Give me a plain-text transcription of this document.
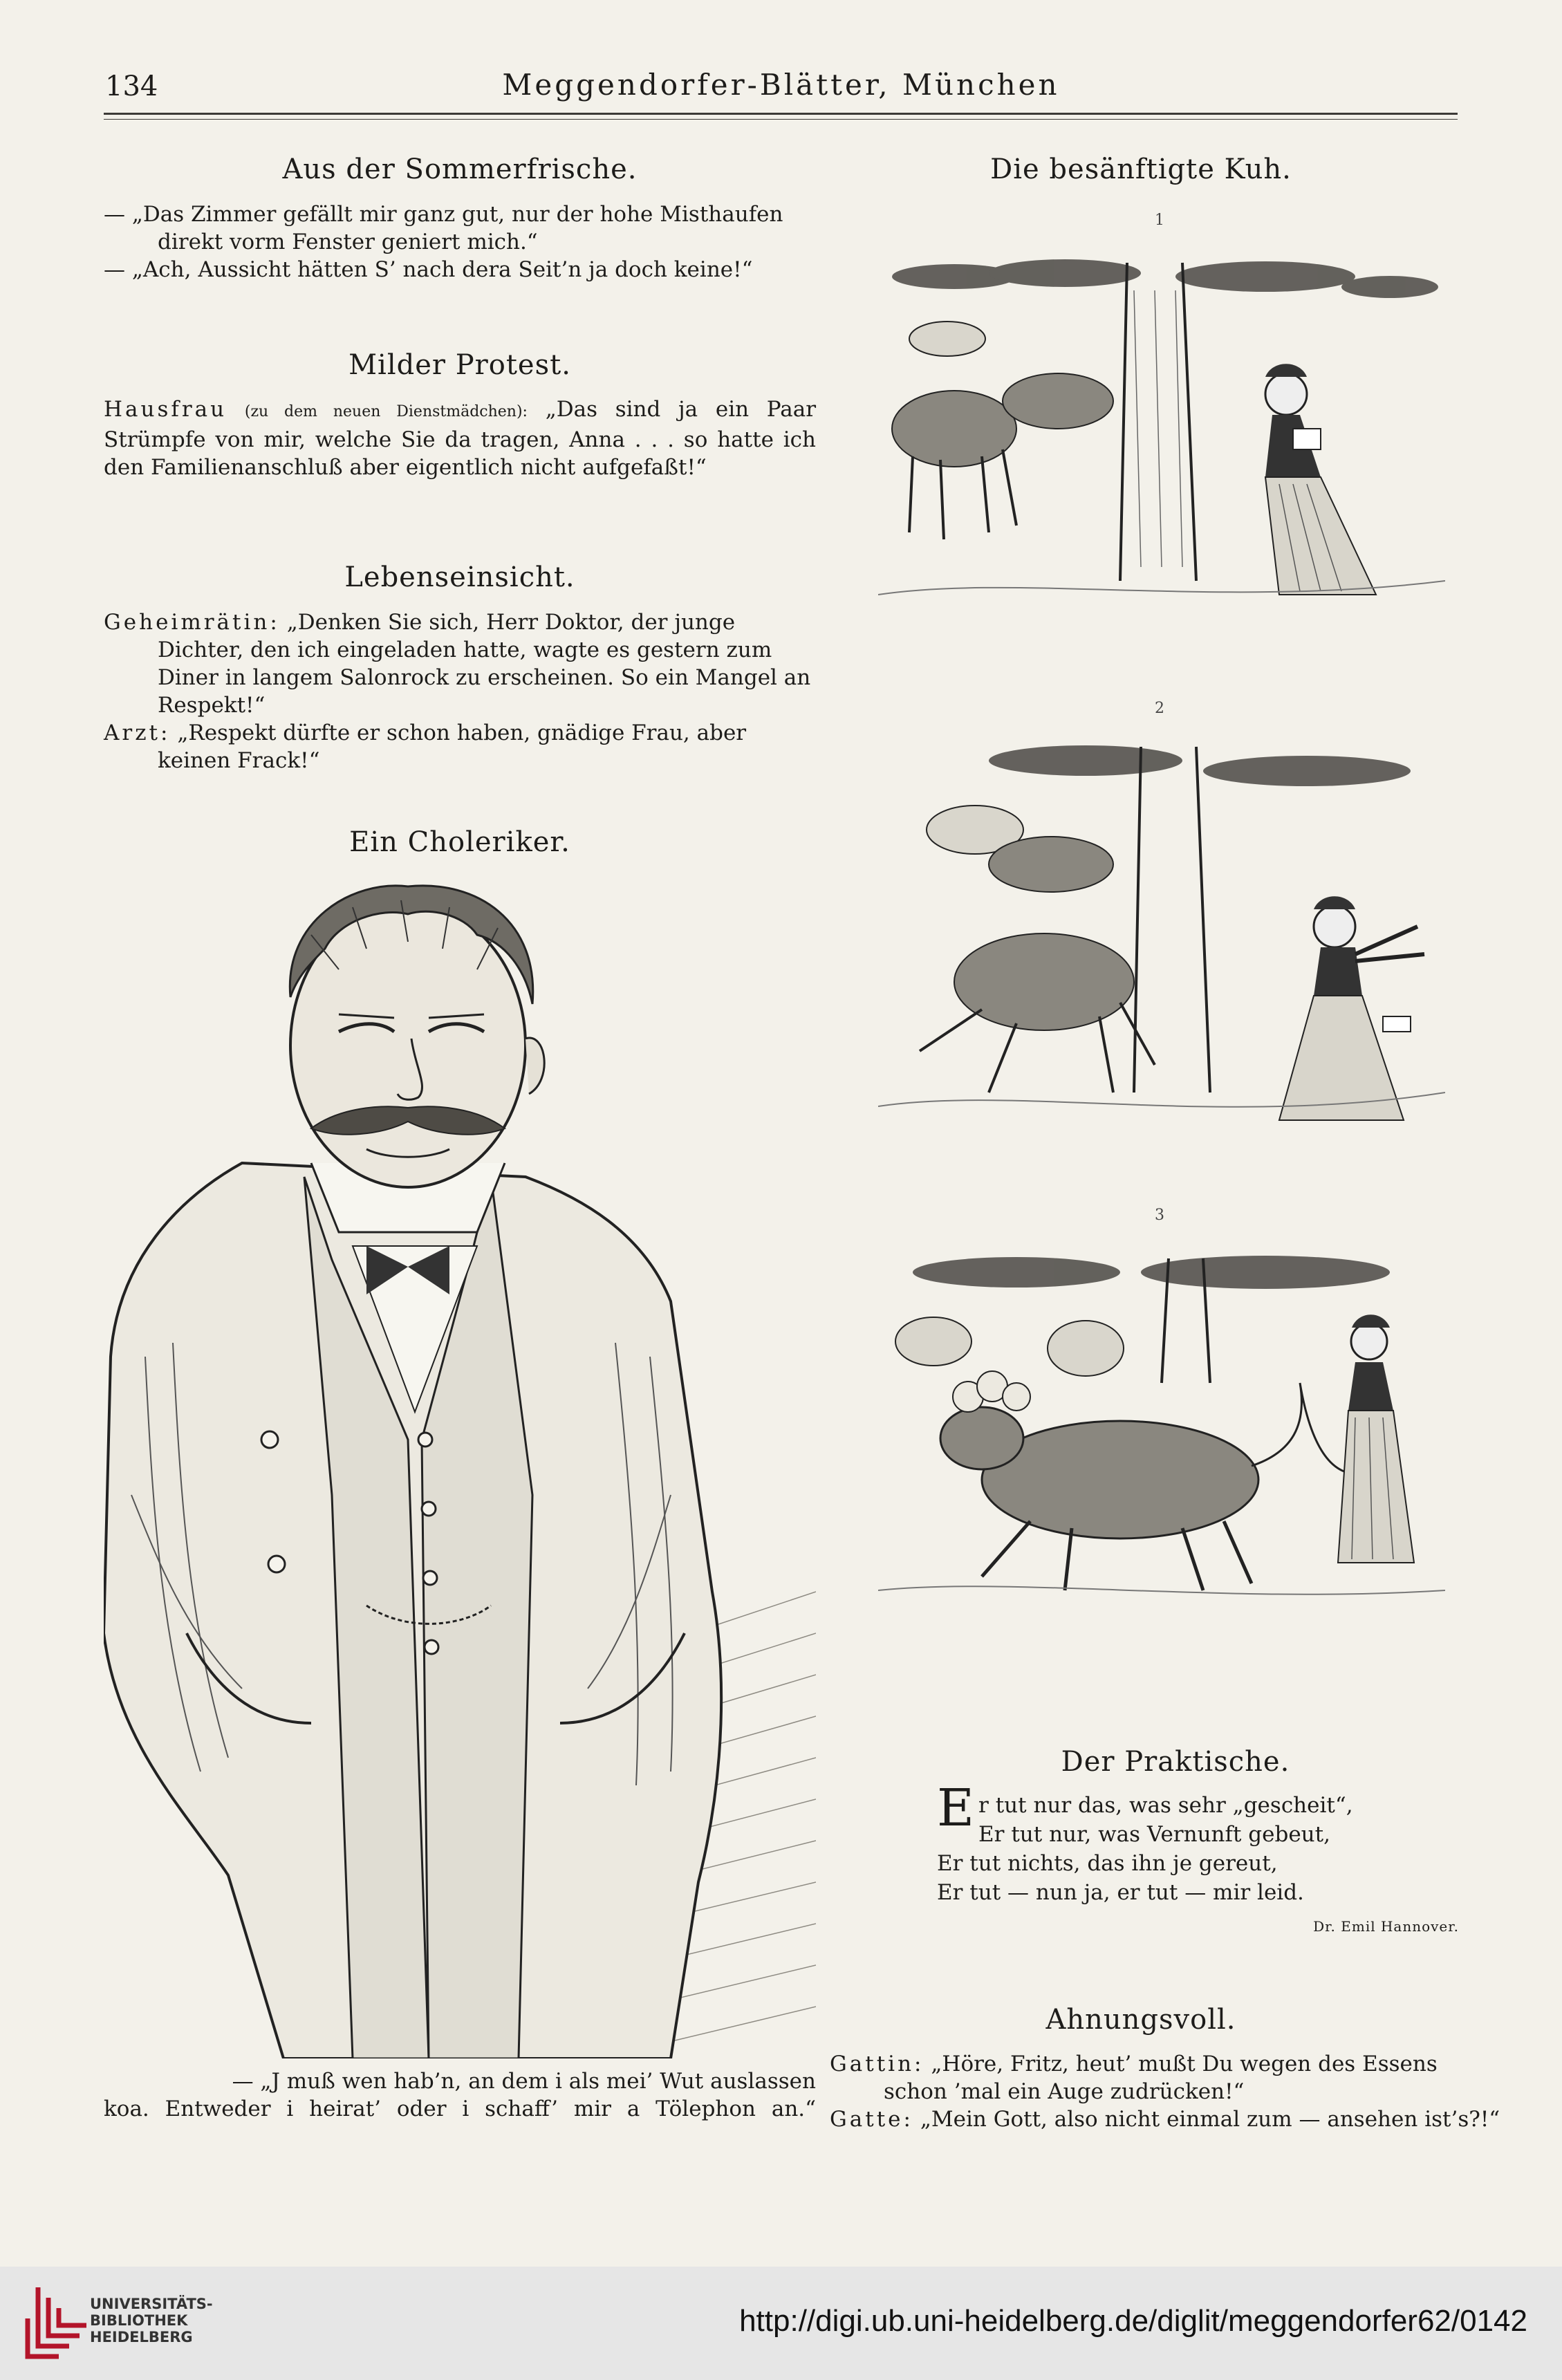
134	Meggendorfer-Blätter, München
Aus der Sommerfrische.

— „Das Zimmer gefällt mir ganz gut, nur der hohe Misthaufen direkt vorm Fenster geniert mich.“

— „Ach, Aussicht hätten S’ nach dera Seit’n ja doch keine!“

Milder Protest.

Hausfrau (zu dem neuen Dienstmädchen): „Das sind ja ein Paar Strümpfe von mir, welche Sie da tragen, Anna . . . so hatte ich den Familienanschluß aber eigentlich nicht aufgefaßt!“

Lebenseinsicht.

Geheimrätin: „Denken Sie sich, Herr Doktor, der junge Dichter, den ich eingeladen hatte, wagte es gestern zum Diner in langem Salonrock zu erscheinen. So ein Mangel an Respekt!“

Arzt: „Respekt dürfte er schon haben, gnädige Frau, aber keinen Frack!“

Ein Choleriker.

— „J muß wen hab’n, an dem i als mei’ Wut auslassen

koa. Entweder i heirat’ oder i schaff’ mir a Tölephon an.“

Die besänftigte Kuh.
1
2
3
Der Praktische.

Er tut nur das, was sehr „gescheit“,

Er tut nur, was Vernunft gebeut,

Er tut nichts, das ihn je gereut,

Er tut — nun ja, er tut — mir leid.

Dr. Emil Hannover.
Ahnungsvoll.

Gattin: „Höre, Fritz, heut’ mußt Du wegen des Essens schon ’mal ein Auge zudrücken!“

Gatte: „Mein Gott, also nicht einmal zum — ansehen ist’s?!“

UNIVERSITÄTS-
BIBLIOTHEK
HEIDELBERG	http://digi.ub.uni-heidelberg.de/diglit/meggendorfer62/0142
